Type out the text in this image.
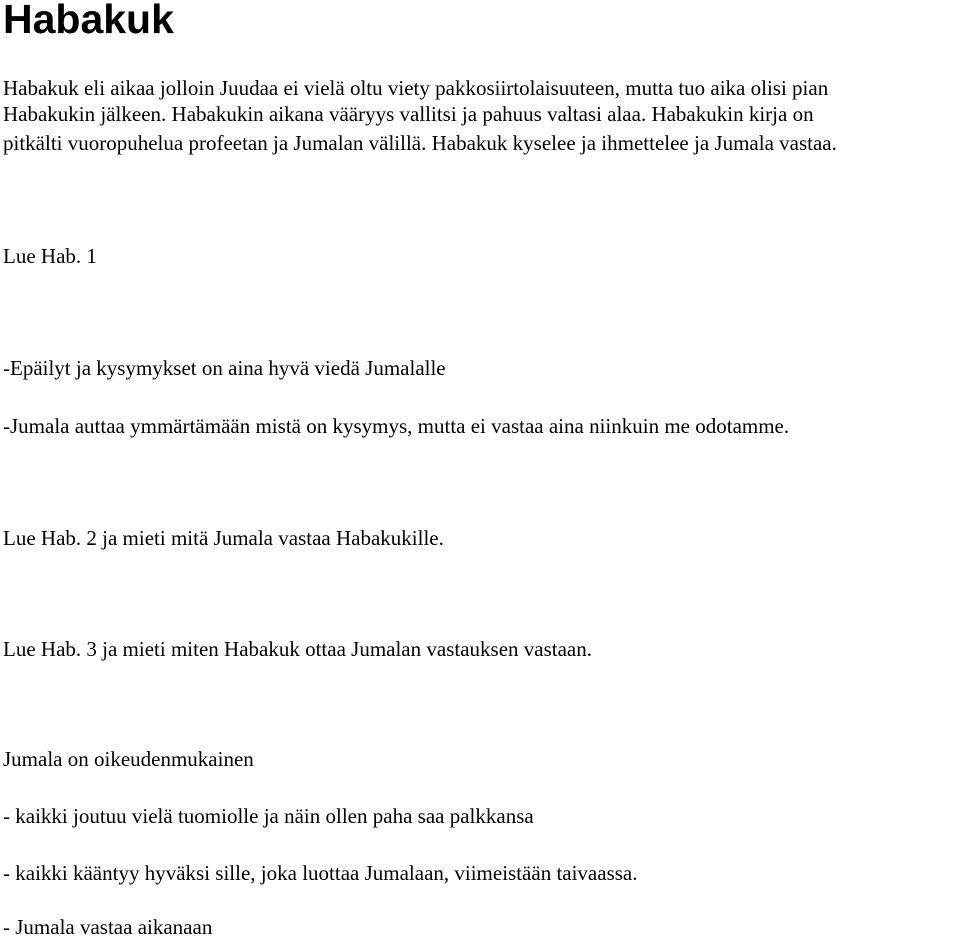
Habakuk

Habakuk eli aikaa jolloin Juudaa ei vielä oltu viety pakkosiirtolaisuuteen, mutta tuo aika olisi pian

Habakukin jälkeen. Habakukin aikana vääryys vallitsi ja pahuus valtasi alaa. Habakukin kirja on

pitkälti vuoropuhelua profeetan ja Jumalan välillä. Habakuk kyselee ja ihmettelee ja Jumala vastaa.

Lue Hab. 1

-Epäilyt ja kysymykset on aina hyvä viedä Jumalalle

-Jumala auttaa ymmärtämään mistä on kysymys, mutta ei vastaa aina niinkuin me odotamme.

Lue Hab. 2 ja mieti mitä Jumala vastaa Habakukille.

Lue Hab. 3 ja mieti miten Habakuk ottaa Jumalan vastauksen vastaan.

Jumala on oikeudenmukainen

- kaikki joutuu vielä tuomiolle ja näin ollen paha saa palkkansa

- kaikki kääntyy hyväksi sille, joka luottaa Jumalaan, viimeistään taivaassa.

- Jumala vastaa aikanaan
